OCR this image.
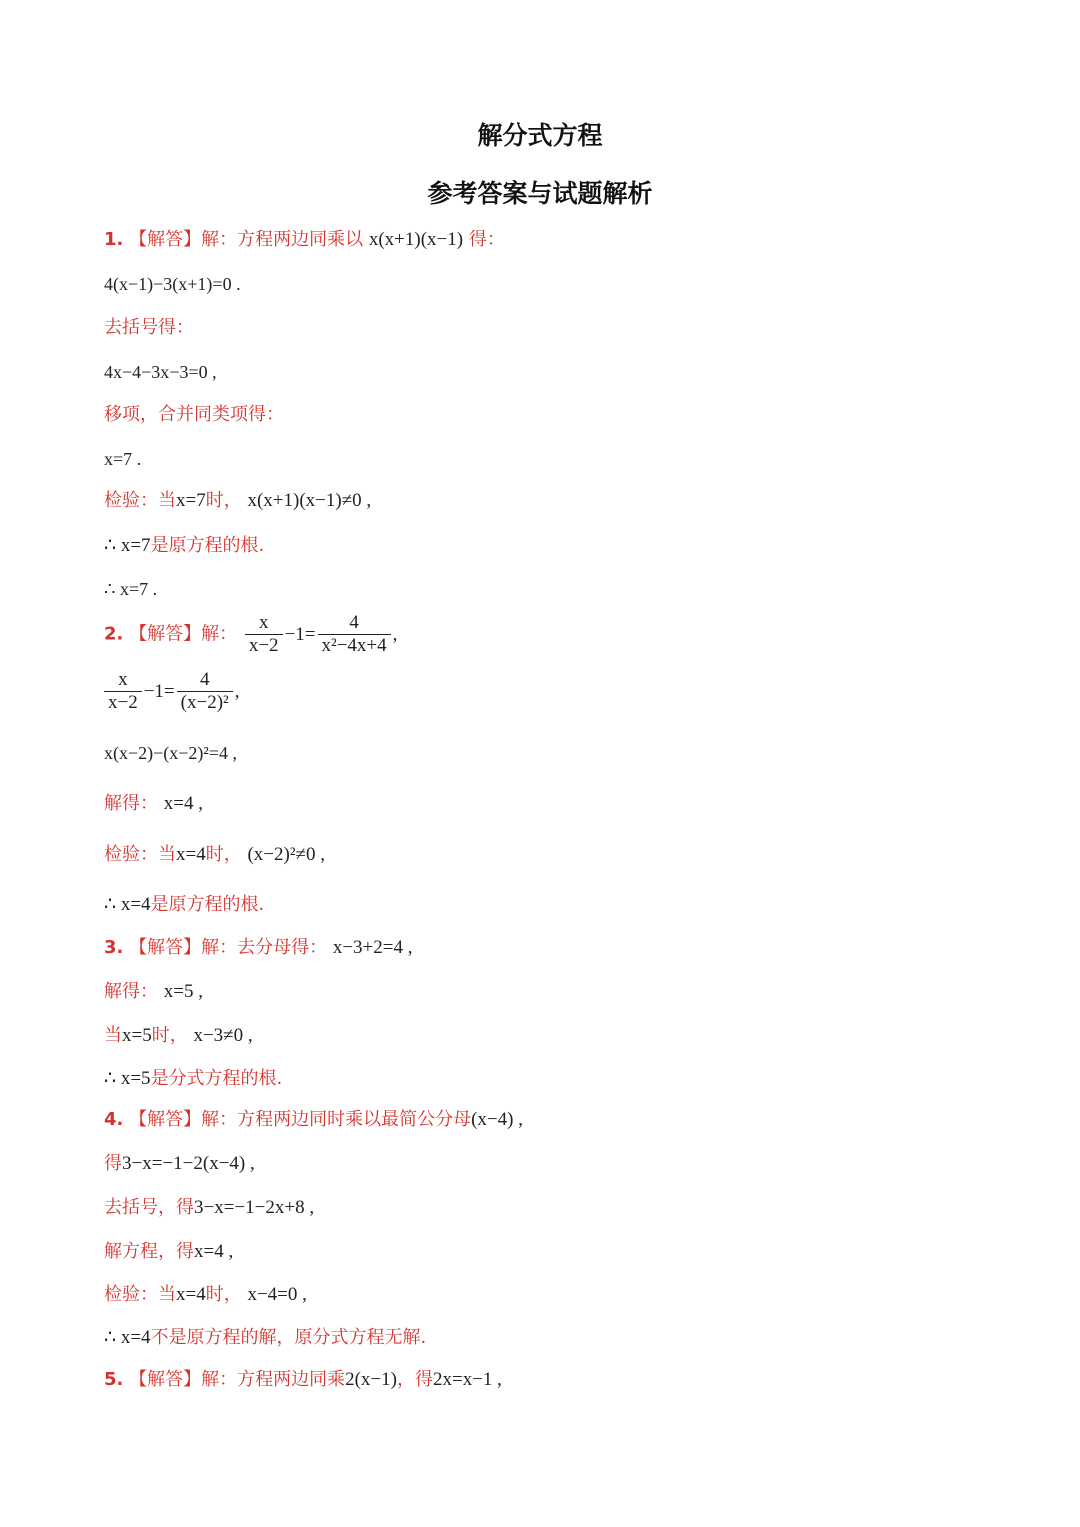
解分式方程
参考答案与试题解析
1. 【解答】解：方程两边同乘以 x(x+1)(x−1) 得：
4(x−1)−3(x+1)=0 .
去括号得：
4x−4−3x−3=0 ,
移项，合并同类项得：
x=7 .
检验：当x=7时， x(x+1)(x−1)≠0 ,
∴ x=7是原方程的根.
∴ x=7 .
2. 【解答】解： $\frac{x}{x-2} -1= \frac{4}{\text{x²−4x+4}}$ ,
$\frac{x}{x-2} -1= \frac{4}{\text{(x−2)²}}$ ,
x(x−2)−(x−2)²=4 ,
解得： x=4 ,
检验：当x=4时， (x−2)²≠0 ,
∴ x=4是原方程的根.
3. 【解答】解：去分母得： x−3+2=4 ,
解得： x=5 ,
当x=5时， x−3≠0 ,
∴ x=5是分式方程的根.
4. 【解答】解：方程两边同时乘以最简公分母(x−4) ,
得3−x=−1−2(x−4) ,
去括号，得3−x=−1−2x+8 ,
解方程，得x=4 ,
检验：当x=4时， x−4=0 ,
∴ x=4不是原方程的解，原分式方程无解.
5. 【解答】解：方程两边同乘2(x−1)，得2x=x−1 ,
